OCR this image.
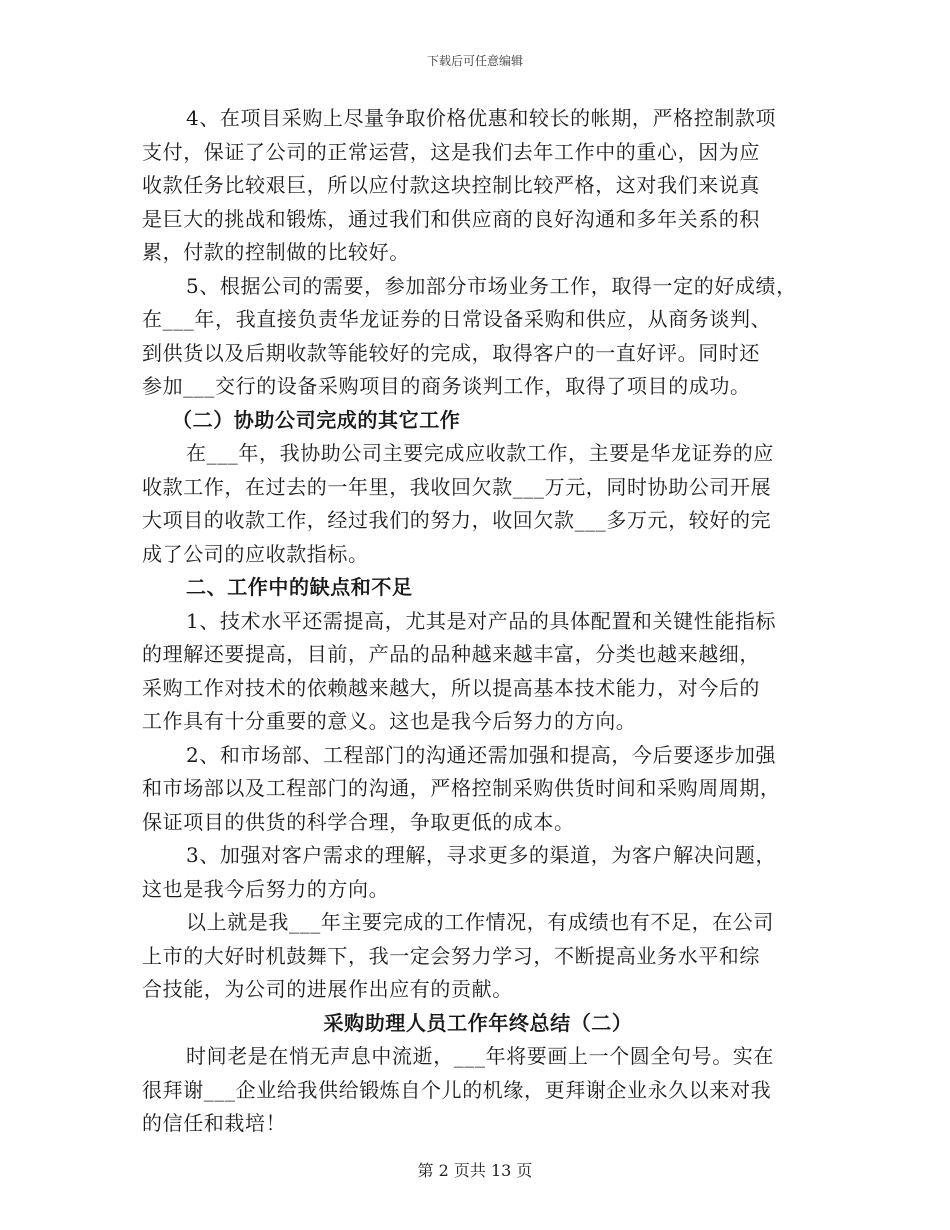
下载后可任意编辑
4、在项目采购上尽量争取价格优惠和较长的帐期，严格控制款项
支付，保证了公司的正常运营，这是我们去年工作中的重心，因为应
收款任务比较艰巨，所以应付款这块控制比较严格，这对我们来说真
是巨大的挑战和锻炼，通过我们和供应商的良好沟通和多年关系的积
累，付款的控制做的比较好。
5、根据公司的需要，参加部分市场业务工作，取得一定的好成绩，
在___年，我直接负责华龙证券的日常设备采购和供应，从商务谈判、
到供货以及后期收款等能较好的完成，取得客户的一直好评。同时还
参加___交行的设备采购项目的商务谈判工作，取得了项目的成功。
（二）协助公司完成的其它工作
在___年，我协助公司主要完成应收款工作，主要是华龙证券的应
收款工作，在过去的一年里，我收回欠款___万元，同时协助公司开展
大项目的收款工作，经过我们的努力，收回欠款___多万元，较好的完
成了公司的应收款指标。
二、工作中的缺点和不足
1、技术水平还需提高，尤其是对产品的具体配置和关键性能指标
的理解还要提高，目前，产品的品种越来越丰富，分类也越来越细，
采购工作对技术的依赖越来越大，所以提高基本技术能力，对今后的
工作具有十分重要的意义。这也是我今后努力的方向。
2、和市场部、工程部门的沟通还需加强和提高，今后要逐步加强
和市场部以及工程部门的沟通，严格控制采购供货时间和采购周周期，
保证项目的供货的科学合理，争取更低的成本。
3、加强对客户需求的理解，寻求更多的渠道，为客户解决问题，
这也是我今后努力的方向。
以上就是我___年主要完成的工作情况，有成绩也有不足，在公司
上市的大好时机鼓舞下，我一定会努力学习，不断提高业务水平和综
合技能，为公司的进展作出应有的贡献。
采购助理人员工作年终总结（二）
时间老是在悄无声息中流逝，___年将要画上一个圆全句号。实在
很拜谢___企业给我供给锻炼自个儿的机缘，更拜谢企业永久以来对我
的信任和栽培！
第 2 页共 13 页
